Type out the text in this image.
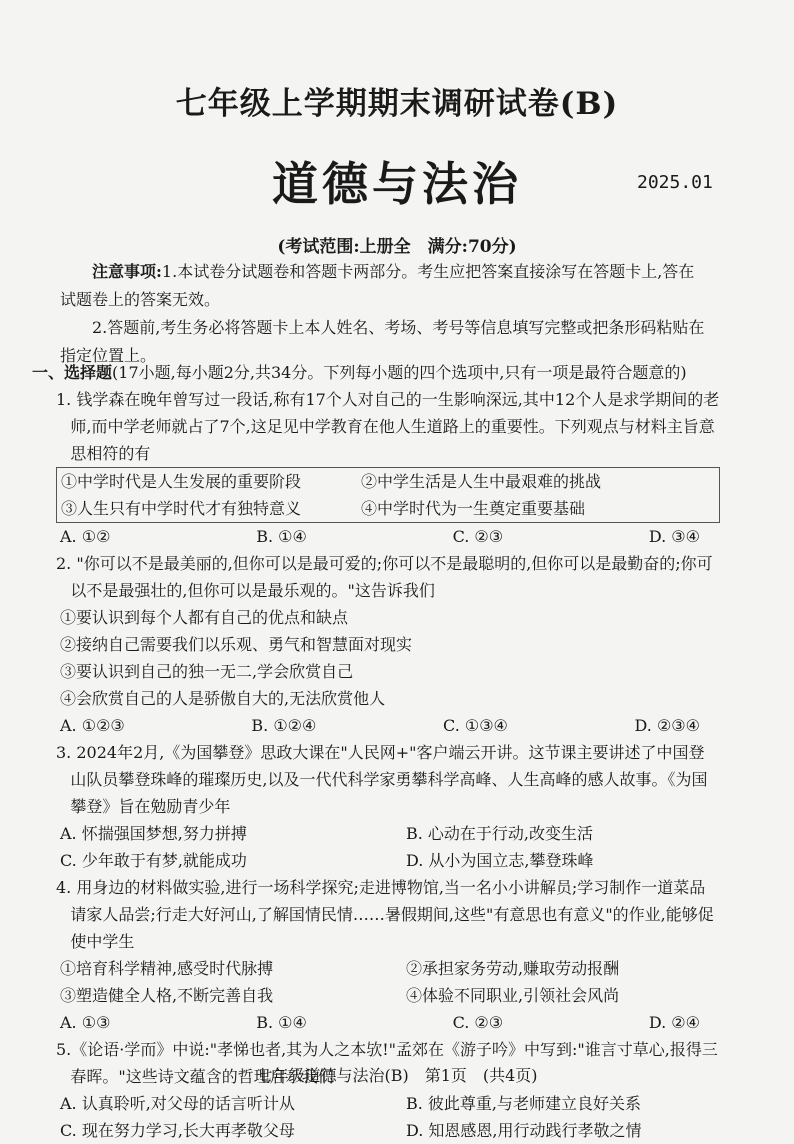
七年级上学期期末调研试卷(B)
道德与法治	2025.01
(考试范围:上册全　满分:70分)

注意事项:1.本试卷分试题卷和答题卡两部分。考生应把答案直接涂写在答题卡上,答在试题卷上的答案无效。

2.答题前,考生务必将答题卡上本人姓名、考场、考号等信息填写完整或把条形码粘贴在指定位置上。

一、选择题(17小题,每小题2分,共34分。下列每小题的四个选项中,只有一项是最符合题意的)
1. 钱学森在晚年曾写过一段话,称有17个人对自己的一生影响深远,其中12个人是求学期间的老师,而中学老师就占了7个,这足见中学教育在他人生道路上的重要性。下列观点与材料主旨意思相符的有
①中学时代是人生发展的重要阶段	②中学生活是人生中最艰难的挑战
③人生只有中学时代才有独特意义	④中学时代为一生奠定重要基础
A. ①②	B. ①④	C. ②③	D. ③④
2. "你可以不是最美丽的,但你可以是最可爱的;你可以不是最聪明的,但你可以是最勤奋的;你可以不是最强壮的,但你可以是最乐观的。"这告诉我们
①要认识到每个人都有自己的优点和缺点
②接纳自己需要我们以乐观、勇气和智慧面对现实
③要认识到自己的独一无二,学会欣赏自己
④会欣赏自己的人是骄傲自大的,无法欣赏他人
A. ①②③	B. ①②④	C. ①③④	D. ②③④
3. 2024年2月,《为国攀登》思政大课在"人民网+"客户端云开讲。这节课主要讲述了中国登山队员攀登珠峰的璀璨历史,以及一代代科学家勇攀科学高峰、人生高峰的感人故事。《为国攀登》旨在勉励青少年
A. 怀揣强国梦想,努力拼搏	B. 心动在于行动,改变生活
C. 少年敢于有梦,就能成功	D. 从小为国立志,攀登珠峰
4. 用身边的材料做实验,进行一场科学探究;走进博物馆,当一名小小讲解员;学习制作一道菜品请家人品尝;行走大好河山,了解国情民情……暑假期间,这些"有意思也有意义"的作业,能够促使中学生
①培育科学精神,感受时代脉搏	②承担家务劳动,赚取劳动报酬
③塑造健全人格,不断完善自我	④体验不同职业,引领社会风尚
A. ①③	B. ①④	C. ②③	D. ②④
5.《论语·学而》中说:"孝悌也者,其为人之本欤!"孟郊在《游子吟》中写到:"谁言寸草心,报得三春晖。"这些诗文蕴含的哲理启示我们
A. 认真聆听,对父母的话言听计从	B. 彼此尊重,与老师建立良好关系
C. 现在努力学习,长大再孝敬父母	D. 知恩感恩,用行动践行孝敬之情
七年级道德与法治(B)　第1页　(共4页)
